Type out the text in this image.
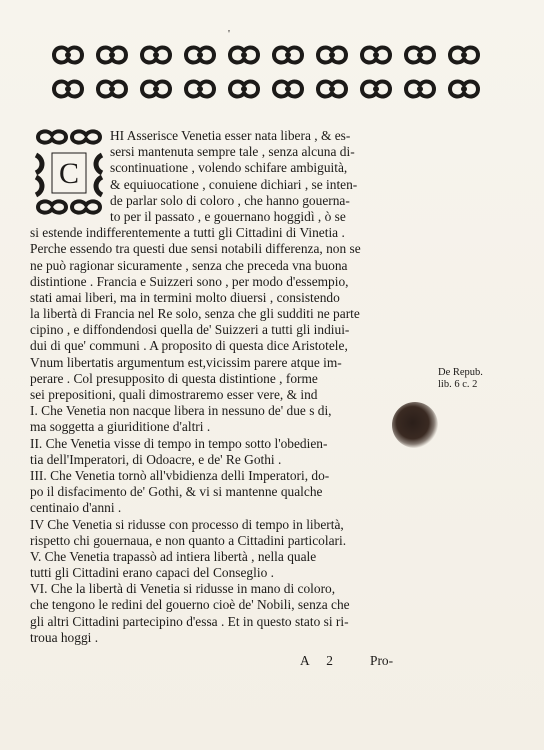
'
C
HI Asserisce Venetia esser nata libera , & es-
sersi mantenuta sempre tale , senza alcuna di-
scontinuatione , volendo schifare ambiguità,
& equiuocatione , conuiene dichiari , se inten-
de parlar solo di coloro , che hanno gouerna-
to per il passato , e gouernano hoggidì , ò se
si estende indifferentemente a tutti gli Cittadini di Vinetia .
Perche essendo tra questi due sensi notabili differenza, non se
ne può ragionar sicuramente , senza che preceda vna buona
distintione . Francia e Suizzeri sono , per modo d'essempio,
stati amai liberi, ma in termini molto diuersi , consistendo
la libertà di Francia nel Re solo, senza che gli sudditi ne parte
cipino , e diffondendosi quella de' Suizzeri a tutti gli indiui-
dui di que' communi . A proposito di questa dice Aristotele,
Vnum libertatis argumentum est,vicissim parere atque im-
perare . Col presupposito di questa distintione , forme
sei prepositioni, quali dimostraremo esser vere, & ind
I. Che Venetia non nacque libera in nessuno de' due s di,
ma soggetta a giuriditione d'altri .
II. Che Venetia visse di tempo in tempo sotto l'obedien-
tia dell'Imperatori, di Odoacre, e de' Re Gothi .
III. Che Venetia tornò all'vbidienza delli Imperatori, do-
po il disfacimento de' Gothi, & vi si mantenne qualche
centinaio d'anni .
IV Che Venetia si ridusse con processo di tempo in libertà,
rispetto chi gouernaua, e non quanto a Cittadini particolari.
V. Che Venetia trapassò ad intiera libertà , nella quale
tutti gli Cittadini erano capaci del Conseglio .
VI. Che la libertà di Venetia si ridusse in mano di coloro,
che tengono le redini del gouerno cioè de' Nobili, senza che
gli altri Cittadini partecipino d'essa . Et in questo stato si ri-
troua hoggi .
De Repub.
lib. 6 c. 2
A 2	Pro-
